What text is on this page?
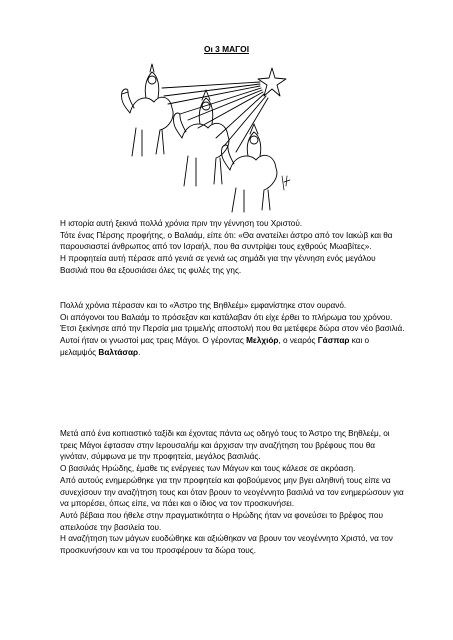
Οι 3 ΜΑΓΟΙ

Η ιστορία αυτή ξεκινά πολλά χρόνια πριν την γέννηση του Χριστού.

Τότε ένας Πέρσης προφήτης, ο Βαλαάμ, είπε ότι: «Θα ανατείλει άστρο από τον Ιακώβ και θα παρουσιαστεί άνθρωπος από τον Ισραήλ, που θα συντρίψει τους εχθρούς Μωαβίτες».

Η προφητεία αυτή πέρασε από γενιά σε γενιά ως σημάδι για την γέννηση ενός μεγάλου Βασιλιά που θα εξουσιάσει όλες τις φυλές της γης.

Πολλά χρόνια πέρασαν και το «Άστρο της Βηθλεέμ» εμφανίστηκε στον ουρανό.

Οι απόγονοι του Βαλαάμ το πρόσεξαν και κατάλαβαν ότι είχε έρθει το πλήρωμα του χρόνου.

Έτσι ξεκίνησε από την Περσία μια τριμελής αποστολή που θα μετέφερε δώρα στον νέο βασιλιά.

Αυτοί ήταν οι γνωστοί μας τρεις Μάγοι. Ο γέροντας Μελχιόρ, ο νεαρός Γάσπαρ και ο μελαμψός Βαλτάσαρ.

Μετά από ένα κοπιαστικό ταξίδι και έχοντας πάντα ως οδηγό τους το Άστρο της Βηθλεέμ, οι τρεις Μάγοι έφτασαν στην Ιερουσαλήμ και άρχισαν την αναζήτηση του βρέφους που θα γινόταν, σύμφωνα με την προφητεία, μεγάλος βασιλιάς.

Ο βασιλιάς Ηρώδης, έμαθε τις ενέργειες των Μάγων και τους κάλεσε σε ακρόαση.

Από αυτούς ενημερώθηκε για την προφητεία και φοβούμενος μην βγει αληθινή τους είπε να συνεχίσουν την αναζήτηση τους και όταν βρουν το νεογέννητο βασιλιά να τον ενημερώσουν για να μπορέσει, όπως είπε, να πάει και ο ίδιος να τον προσκυνήσει.

Αυτό βέβαια που ήθελε στην πραγματικότητα ο Ηρώδης ήταν να φονεύσει το βρέφος που απειλούσε την βασιλεία του.

Η αναζήτηση των μάγων ευοδώθηκε και αξιώθηκαν να βρουν τον νεογέννητο Χριστό, να τον προσκυνήσουν και να του προσφέρουν τα δώρα τους.
